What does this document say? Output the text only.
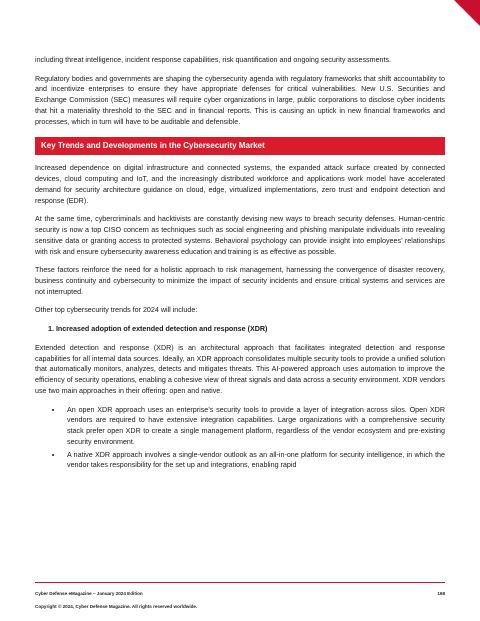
including threat intelligence, incident response capabilities, risk quantification and ongoing security assessments.

Regulatory bodies and governments are shaping the cybersecurity agenda with regulatory frameworks that shift accountability to and incentivize enterprises to ensure they have appropriate defenses for critical vulnerabilities. New U.S. Securities and Exchange Commission (SEC) measures will require cyber organizations in large, public corporations to disclose cyber incidents that hit a materiality threshold to the SEC and in financial reports. This is causing an uptick in new financial frameworks and processes, which in turn will have to be auditable and defensible.

Key Trends and Developments in the Cybersecurity Market

Increased dependence on digital infrastructure and connected systems, the expanded attack surface created by connected devices, cloud computing and IoT, and the increasingly distributed workforce and applications work model have accelerated demand for security architecture guidance on cloud, edge, virtualized implementations, zero trust and endpoint detection and response (EDR).

At the same time, cybercriminals and hacktivists are constantly devising new ways to breach security defenses. Human-centric security is now a top CISO concern as techniques such as social engineering and phishing manipulate individuals into revealing sensitive data or granting access to protected systems. Behavioral psychology can provide insight into employees’ relationships with risk and ensure cybersecurity awareness education and training is as effective as possible.

These factors reinforce the need for a holistic approach to risk management, harnessing the convergence of disaster recovery, business continuity and cybersecurity to minimize the impact of security incidents and ensure critical systems and services are not interrupted.

Other top cybersecurity trends for 2024 will include:

1. Increased adoption of extended detection and response (XDR)

Extended detection and response (XDR) is an architectural approach that facilitates integrated detection and response capabilities for all internal data sources. Ideally, an XDR approach consolidates multiple security tools to provide a unified solution that automatically monitors, analyzes, detects and mitigates threats. This AI-powered approach uses automation to improve the efficiency of security operations, enabling a cohesive view of threat signals and data across a security environment. XDR vendors use two main approaches in their offering: open and native.

• An open XDR approach uses an enterprise’s security tools to provide a layer of integration across silos. Open XDR vendors are required to have extensive integration capabilities. Large organizations with a comprehensive security stack prefer open XDR to create a single management platform, regardless of the vendor ecosystem and pre-existing security environment.
• A native XDR approach involves a single-vendor outlook as an all-in-one platform for security intelligence, in which the vendor takes responsibility for the set up and integrations, enabling rapid
Cyber Defense eMagazine – January 2024 Edition	168
Copyright © 2024, Cyber Defense Magazine. All rights reserved worldwide.
